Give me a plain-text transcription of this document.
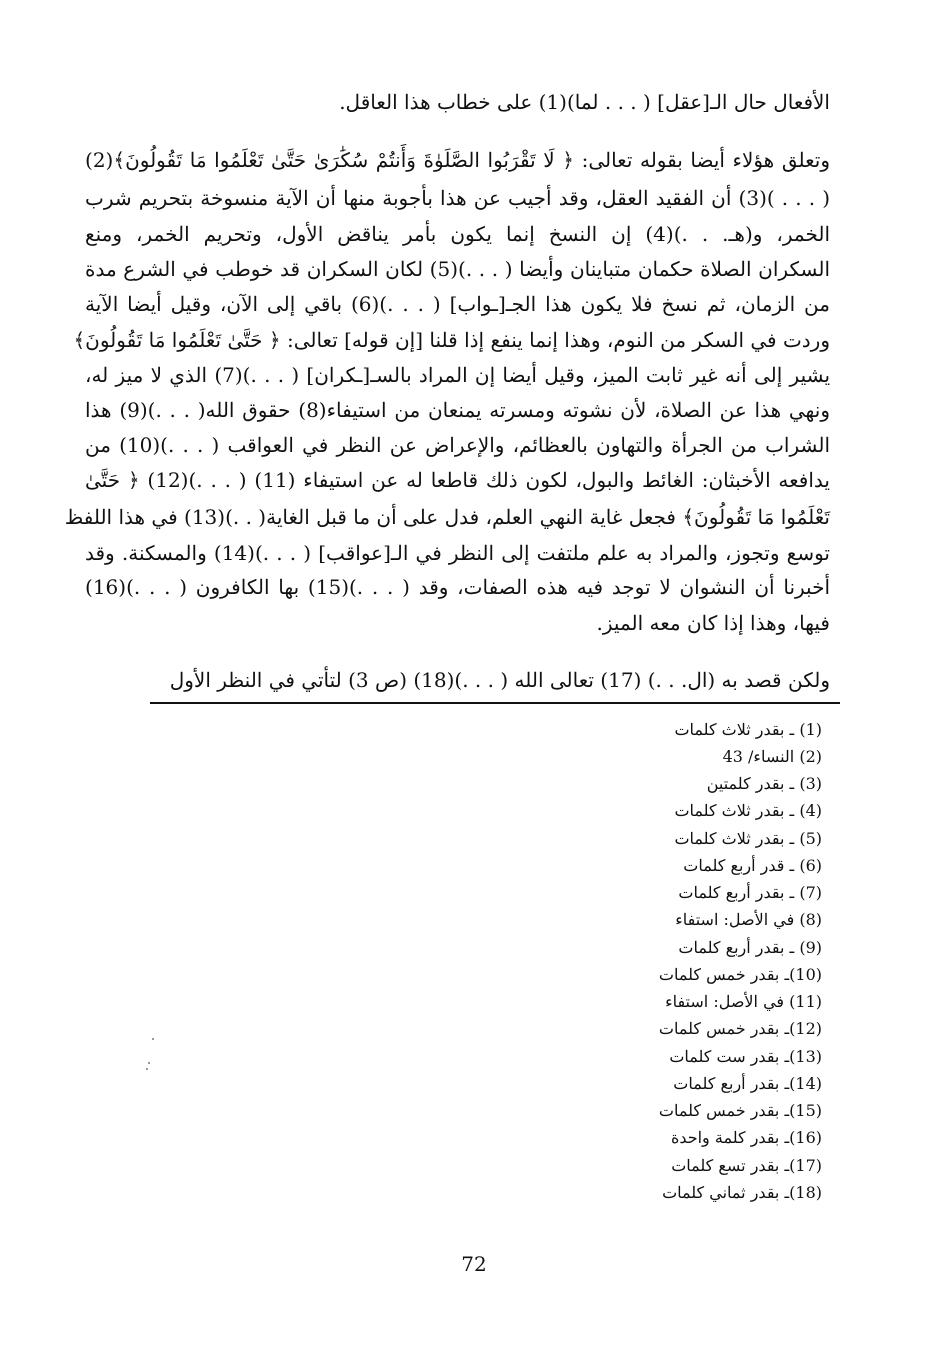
الأفعال حال الـ[عقل] ( . . . لما)(1) على خطاب هذا العاقل.
وتعلق هؤلاء أيضا بقوله تعالى: ﴿ لَا تَقْرَبُوا الصَّلَوٰةَ وَأَنتُمْ سُكَٰرَىٰ حَتَّىٰ تَعْلَمُوا مَا تَقُولُونَ﴾(2)
( . . . )(3) أن الفقيد العقل، وقد أجيب عن هذا بأجوبة منها أن الآية منسوخة بتحريم شرب
الخمر، و(هـ. . .)(4) إن النسخ إنما يكون بأمر يناقض الأول، وتحريم الخمر، ومنع
السكران الصلاة حكمان متباينان وأيضا ( . . .)(5) لكان السكران قد خوطب في الشرع مدة
من الزمان، ثم نسخ فلا يكون هذا الجـ[ـواب] ( . . .)(6) باقي إلى الآن، وقيل أيضا الآية
وردت في السكر من النوم، وهذا إنما ينفع إذا قلنا [إن قوله] تعالى: ﴿ حَتَّىٰ تَعْلَمُوا مَا تَقُولُونَ﴾
يشير إلى أنه غير ثابت الميز، وقيل أيضا إن المراد بالسـ[ـكران] ( . . .)(7) الذي لا ميز له،
ونهي هذا عن الصلاة، لأن نشوته ومسرته يمنعان من استيفاء(8) حقوق الله( . . .)(9) هذا
الشراب من الجرأة والتهاون بالعظائم، والإعراض عن النظر في العواقب ( . . .)(10) من
يدافعه الأخبثان: الغائط والبول، لكون ذلك قاطعا له عن استيفاء (11) ( . . .)(12) ﴿ حَتَّىٰ
تَعْلَمُوا مَا تَقُولُونَ﴾ فجعل غاية النهي العلم، فدل على أن ما قبل الغاية( . .)(13) في هذا اللفظ
توسع وتجوز، والمراد به علم ملتفت إلى النظر في الـ[عواقب] ( . . .)(14) والمسكنة. وقد
أخبرنا أن النشوان لا توجد فيه هذه الصفات، وقد ( . . .)(15) بها الكافرون ( . . .)(16)
فيها، وهذا إذا كان معه الميز.
ولكن قصد به (ال. . .) (17) تعالى الله ( . . .)(18) (ص 3) لتأتي في النظر الأول
(1) ـ بقدر ثلاث كلمات
(2) النساء/ 43
(3) ـ بقدر كلمتين
(4) ـ بقدر ثلاث كلمات
(5) ـ بقدر ثلاث كلمات
(6) ـ قدر أربع كلمات
(7) ـ بقدر أربع كلمات
(8) في الأصل: استفاء
(9) ـ بقدر أربع كلمات
(10)ـ بقدر خمس كلمات
(11) في الأصل: استفاء
(12)ـ بقدر خمس كلمات
(13)ـ بقدر ست كلمات
(14)ـ بقدر أربع كلمات
(15)ـ بقدر خمس كلمات
(16)ـ بقدر كلمة واحدة
(17)ـ بقدر تسع كلمات
(18)ـ بقدر ثماني كلمات
72
